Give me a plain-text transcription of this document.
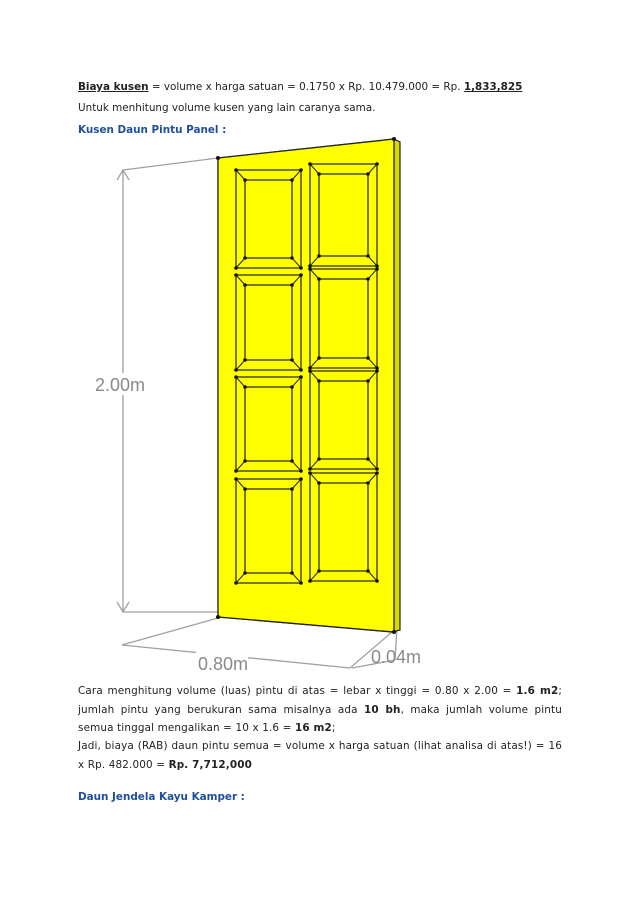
Biaya kusen = volume x harga satuan = 0.1750 x Rp. 10.479.000 = Rp. 1,833,825
Untuk menhitung volume kusen yang lain caranya sama.
Kusen Daun Pintu Panel :
2.00m
0.80m	0.04m
Cara menghitung volume (luas) pintu di atas = lebar x tinggi = 0.80 x 2.00 = 1.6 m2; jumlah pintu yang berukuran sama misalnya ada 10 bh, maka jumlah volume pintu semua tinggal mengalikan = 10 x 1.6 = 16 m2;
Jadi, biaya (RAB) daun pintu semua = volume x harga satuan (lihat analisa di atas!) = 16 x Rp. 482.000 = Rp. 7,712,000
Daun Jendela Kayu Kamper :
